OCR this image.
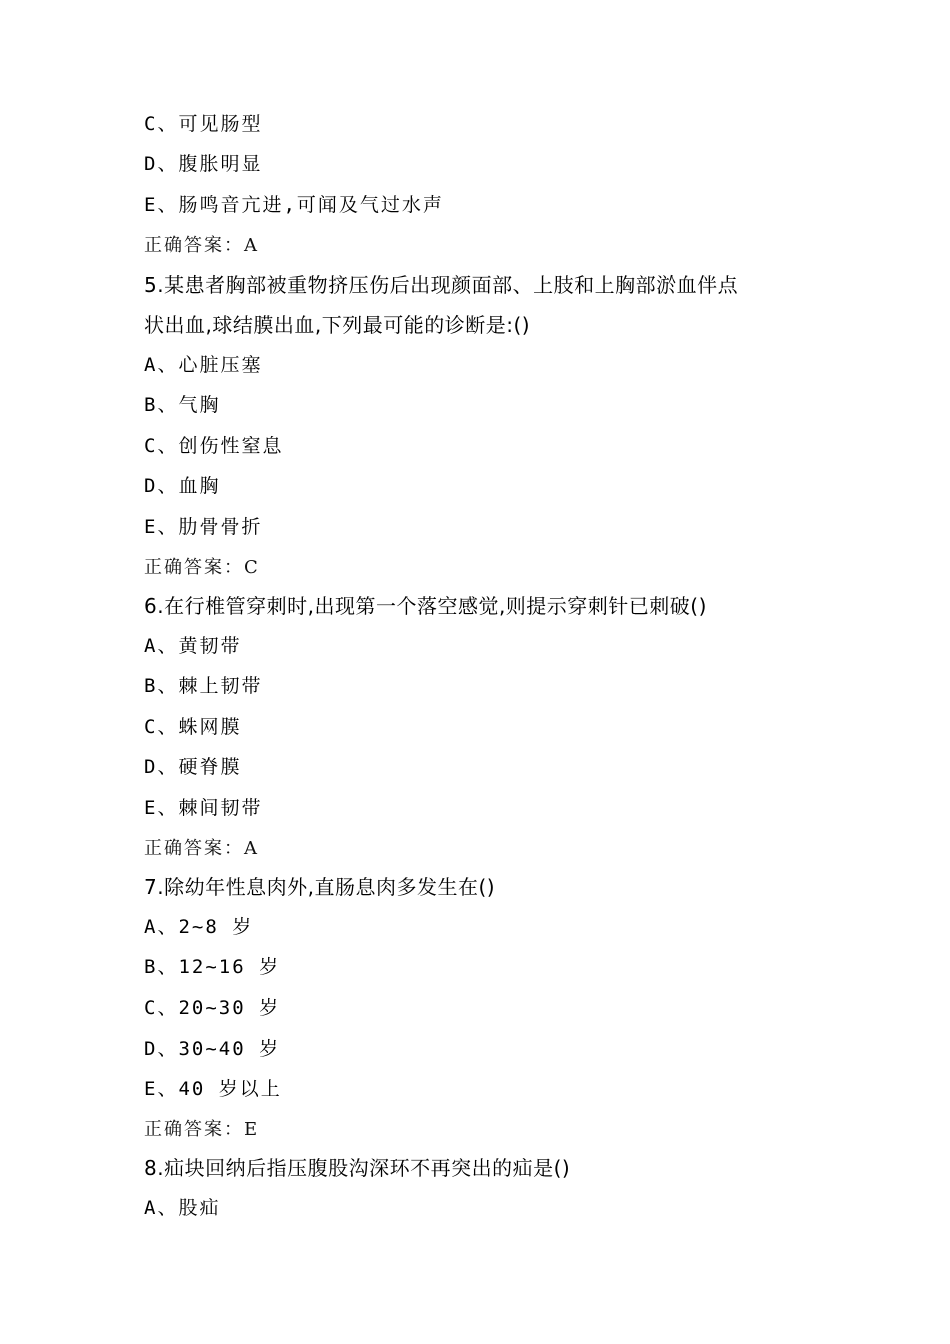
C、可见肠型
D、腹胀明显
E、肠鸣音亢进,可闻及气过水声
正确答案：A
5.某患者胸部被重物挤压伤后出现颜面部、上肢和上胸部淤血伴点
状出血,球结膜出血,下列最可能的诊断是:()
A、心脏压塞
B、气胸
C、创伤性窒息
D、血胸
E、肋骨骨折
正确答案：C
6.在行椎管穿刺时,出现第一个落空感觉,则提示穿刺针已刺破()
A、黄韧带
B、棘上韧带
C、蛛网膜
D、硬脊膜
E、棘间韧带
正确答案：A
7.除幼年性息肉外,直肠息肉多发生在()
A、2~8 岁
B、12~16 岁
C、20~30 岁
D、30~40 岁
E、40 岁以上
正确答案：E
8.疝块回纳后指压腹股沟深环不再突出的疝是()
A、股疝
